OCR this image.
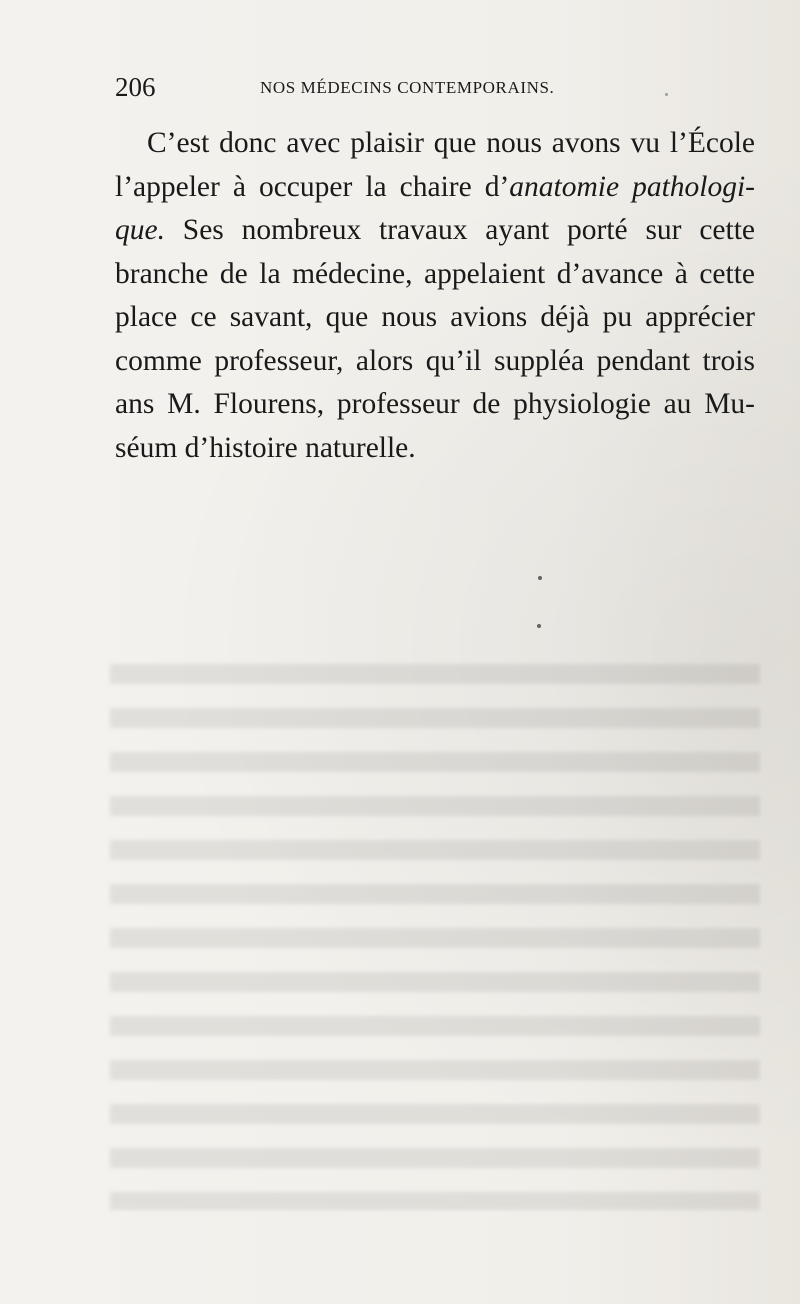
206	NOS MÉDECINS CONTEMPORAINS.
C’est donc avec plaisir que nous avons vu l’École
l’appeler à occuper la chaire d’anatomie pathologi-
que. Ses nombreux travaux ayant porté sur cette
branche de la médecine, appelaient d’avance à cette
place ce savant, que nous avions déjà pu apprécier
comme professeur, alors qu’il suppléa pendant trois
ans M. Flourens, professeur de physiologie au Mu-
séum d’histoire naturelle.
